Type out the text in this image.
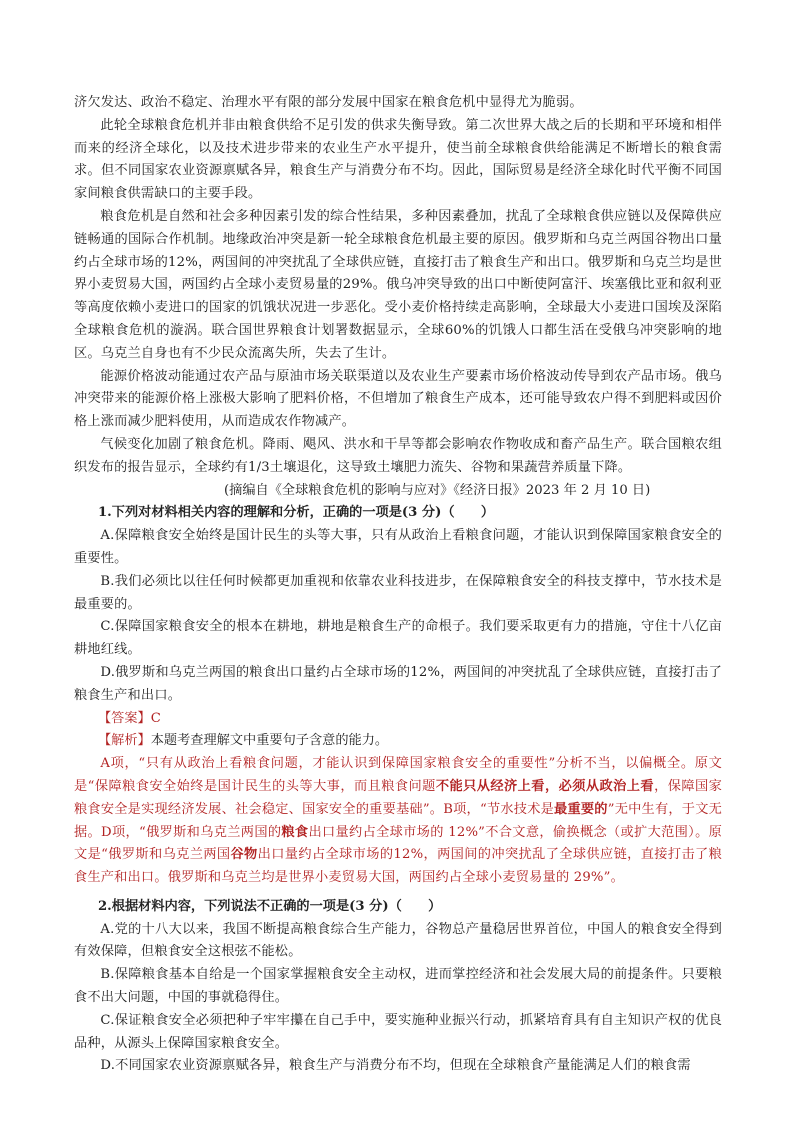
济欠发达、政治不稳定、治理水平有限的部分发展中国家在粮食危机中显得尤为脆弱。

此轮全球粮食危机并非由粮食供给不足引发的供求失衡导致。第二次世界大战之后的长期和平环境和相伴而来的经济全球化，以及技术进步带来的农业生产水平提升，使当前全球粮食供给能满足不断增长的粮食需求。但不同国家农业资源禀赋各异，粮食生产与消费分布不均。因此，国际贸易是经济全球化时代平衡不同国家间粮食供需缺口的主要手段。

粮食危机是自然和社会多种因素引发的综合性结果，多种因素叠加，扰乱了全球粮食供应链以及保障供应链畅通的国际合作机制。地缘政治冲突是新一轮全球粮食危机最主要的原因。俄罗斯和乌克兰两国谷物出口量约占全球市场的12%，两国间的冲突扰乱了全球供应链，直接打击了粮食生产和出口。俄罗斯和乌克兰均是世界小麦贸易大国，两国约占全球小麦贸易量的29%。俄乌冲突导致的出口中断使阿富汗、埃塞俄比亚和叙利亚等高度依赖小麦进口的国家的饥饿状况进一步恶化。受小麦价格持续走高影响，全球最大小麦进口国埃及深陷全球粮食危机的漩涡。联合国世界粮食计划署数据显示，全球60%的饥饿人口都生活在受俄乌冲突影响的地区。乌克兰自身也有不少民众流离失所，失去了生计。

能源价格波动能通过农产品与原油市场关联渠道以及农业生产要素市场价格波动传导到农产品市场。俄乌冲突带来的能源价格上涨极大影响了肥料价格，不但增加了粮食生产成本，还可能导致农户得不到肥料或因价格上涨而减少肥料使用，从而造成农作物减产。

气候变化加剧了粮食危机。降雨、飓风、洪水和干旱等都会影响农作物收成和畜产品生产。联合国粮农组织发布的报告显示，全球约有1/3土壤退化，这导致土壤肥力流失、谷物和果蔬营养质量下降。

(摘编自《全球粮食危机的影响与应对》《经济日报》2023 年 2 月 10 日)

1.下列对材料相关内容的理解和分析，正确的一项是(3 分)（　　）

A.保障粮食安全始终是国计民生的头等大事，只有从政治上看粮食问题，才能认识到保障国家粮食安全的重要性。

B.我们必须比以往任何时候都更加重视和依靠农业科技进步，在保障粮食安全的科技支撑中，节水技术是最重要的。

C.保障国家粮食安全的根本在耕地，耕地是粮食生产的命根子。我们要采取更有力的措施，守住十八亿亩耕地红线。

D.俄罗斯和乌克兰两国的粮食出口量约占全球市场的12%，两国间的冲突扰乱了全球供应链，直接打击了粮食生产和出口。

【答案】C

【解析】本题考查理解文中重要句子含意的能力。

A项，“只有从政治上看粮食问题，才能认识到保障国家粮食安全的重要性”分析不当，以偏概全。原文是“保障粮食安全始终是国计民生的头等大事，而且粮食问题不能只从经济上看，必须从政治上看，保障国家粮食安全是实现经济发展、社会稳定、国家安全的重要基础”。B项，“节水技术是最重要的”无中生有，于文无据。D项，“俄罗斯和乌克兰两国的粮食出口量约占全球市场的 12%”不合文意，偷换概念（或扩大范围）。原文是“俄罗斯和乌克兰两国谷物出口量约占全球市场的12%，两国间的冲突扰乱了全球供应链，直接打击了粮食生产和出口。俄罗斯和乌克兰均是世界小麦贸易大国，两国约占全球小麦贸易量的 29%”。

2.根据材料内容，下列说法不正确的一项是(3 分)（　　）

A.党的十八大以来，我国不断提高粮食综合生产能力，谷物总产量稳居世界首位，中国人的粮食安全得到有效保障，但粮食安全这根弦不能松。

B.保障粮食基本自给是一个国家掌握粮食安全主动权，进而掌控经济和社会发展大局的前提条件。只要粮食不出大问题，中国的事就稳得住。

C.保证粮食安全必须把种子牢牢攥在自己手中，要实施种业振兴行动，抓紧培育具有自主知识产权的优良品种，从源头上保障国家粮食安全。

D.不同国家农业资源禀赋各异，粮食生产与消费分布不均，但现在全球粮食产量能满足人们的粮食需
